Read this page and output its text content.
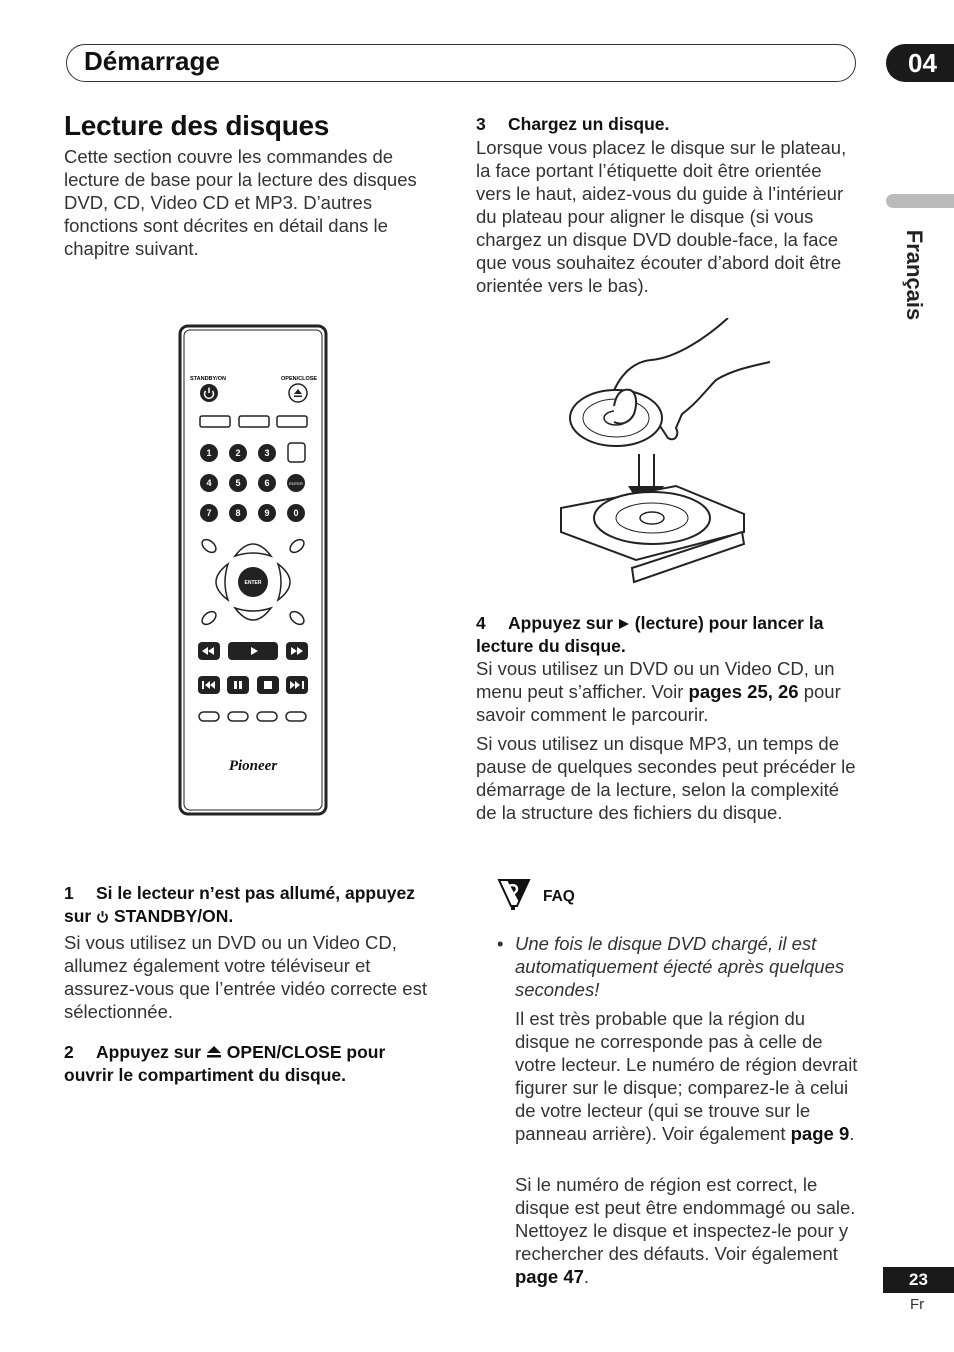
Démarrage	04
Français
Lecture des disques
Cette section couvre les commandes de lecture de base pour la lecture des disques DVD, CD, Video CD et MP3. D’autres fonctions sont décrites en détail dans le chapitre suivant.
STANDBY/ON	OPEN/CLOSE
1	2	3
4	5	6
7	8	9	0
ENTER
ENTER
Pioneer
1 Si le lecteur n’est pas allumé, appuyez
sur STANDBY/ON.
Si vous utilisez un DVD ou un Video CD, allumez également votre téléviseur et assurez-vous que l’entrée vidéo correcte est sélectionnée.
2 Appuyez sur OPEN/CLOSE pour
ouvrir le compartiment du disque.
3 Chargez un disque.
Lorsque vous placez le disque sur le plateau, la face portant l’étiquette doit être orientée vers le haut, aidez-vous du guide à l’intérieur du plateau pour aligner le disque (si vous chargez un disque DVD double-face, la face que vous souhaitez écouter d’abord doit être orientée vers le bas).
4 Appuyez sur (lecture) pour lancer la
lecture du disque.
Si vous utilisez un DVD ou un Video CD, un menu peut s’afficher. Voir pages 25, 26 pour savoir comment le parcourir.
Si vous utilisez un disque MP3, un temps de pause de quelques secondes peut précéder le démarrage de la lecture, selon la complexité de la structure des fichiers du disque.
FAQ
• Une fois le disque DVD chargé, il est automatiquement éjecté après quelques secondes!
Il est très probable que la région du disque ne corresponde pas à celle de votre lecteur. Le numéro de région devrait figurer sur le disque; comparez-le à celui de votre lecteur (qui se trouve sur le panneau arrière). Voir également page 9.
Si le numéro de région est correct, le disque est peut être endommagé ou sale. Nettoyez le disque et inspectez-le pour y rechercher des défauts. Voir également page 47.	23
Fr
